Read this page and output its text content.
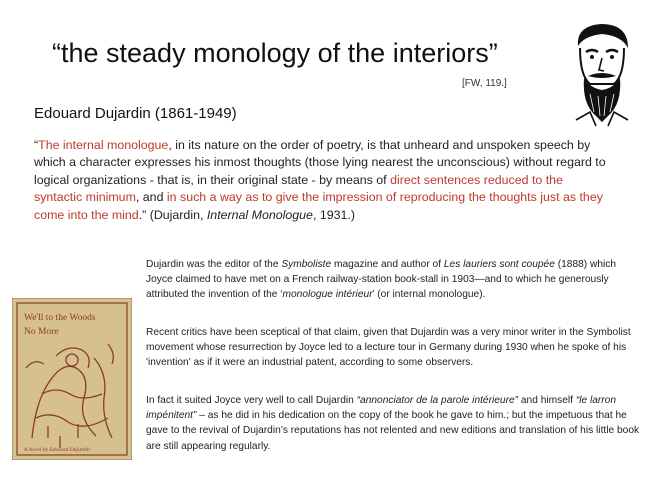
“the steady monology of the interiors”
[FW, 119.]
Edouard Dujardin (1861-1949)
“The internal monologue, in its nature on the order of poetry, is that unheard and unspoken speech by which a character expresses his inmost thoughts (those lying nearest the unconscious) without regard to logical organizations - that is, in their original state - by means of direct sentences reduced to the syntactic minimum, and in such a way as to give the impression of reproducing the thoughts just as they come into the mind.” (Dujardin, Internal Monologue, 1931.)
Dujardin was the editor of the Symboliste magazine and author of Les lauriers sont coupée (1888) which Joyce claimed to have met on a French railway-station book-stall in 1903—and to which he generously attributed the invention of the ‘monologue intérieur’ (or internal monologue).
Recent critics have been sceptical of that claim, given that Dujardin was a very minor writer in the Symbolist movement whose resurrection by Joyce led to a lecture tour in Germany during 1930 when he spoke of his 'invention' as if it were an industrial patent, according to some observers.
In fact it suited Joyce very well to call Dujardin “annonciator de la parole intérieure” and himself “le larron impénitent” – as he did in his dedication on the copy of the book he gave to him.; but the impetuous that he gave to the revival of Dujardin’s reputations has not relented and new editions and translation of his little book are still appearing regularly.
We'll to the Woods
No More
A Novel by Edouard Dujardin
